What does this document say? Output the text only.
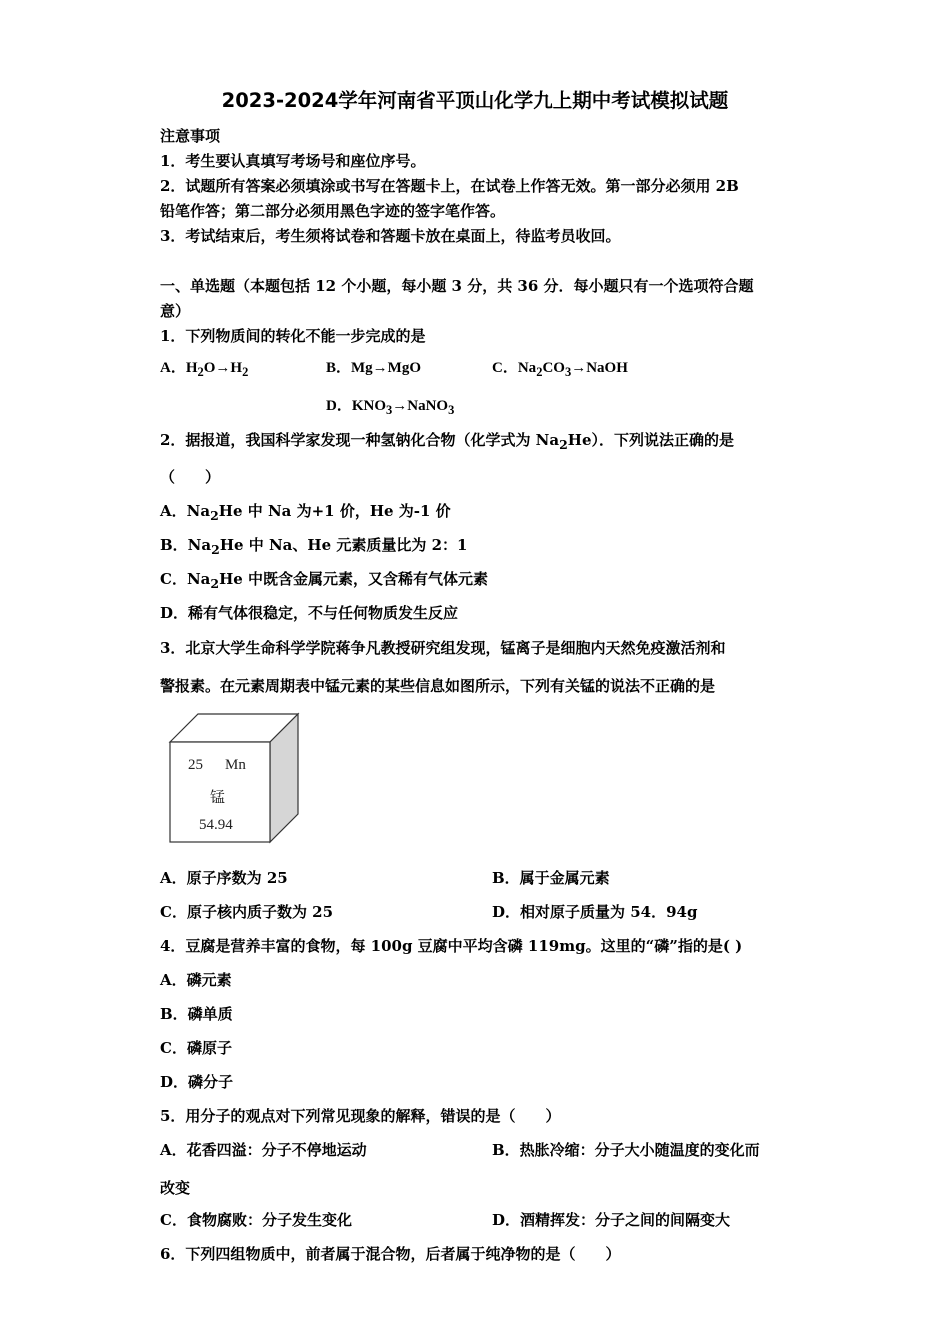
2023-2024学年河南省平顶山化学九上期中考试模拟试题
注意事项
1．考生要认真填写考场号和座位序号。
2．试题所有答案必须填涂或书写在答题卡上，在试卷上作答无效。第一部分必须用 2B
铅笔作答；第二部分必须用黑色字迹的签字笔作答。
3．考试结束后，考生须将试卷和答题卡放在桌面上，待监考员收回。
一、单选题（本题包括 12 个小题，每小题 3 分，共 36 分．每小题只有一个选项符合题
意）
1．下列物质间的转化不能一步完成的是
A．$H_2O\to H_2$	B．Mg→MgO	C．$Na_2CO_3\to NaOH$
D．$KNO_3\to NaNO_3$
2．据报道，我国科学家发现一种氢钠化合物（化学式为 $Na_2He$）．下列说法正确的是
（　　）
A．$Na_2He$ 中 Na 为+1 价，He 为-1 价
B．$Na_2He$ 中 Na、He 元素质量比为 2：1
C．$Na_2He$ 中既含金属元素，又含稀有气体元素
D．稀有气体很稳定，不与任何物质发生反应
3．北京大学生命科学学院蒋争凡教授研究组发现，锰离子是细胞内天然免疫激活剂和
警报素。在元素周期表中锰元素的某些信息如图所示，下列有关锰的说法不正确的是
25 Mn
锰
54.94
A．原子序数为 25	B．属于金属元素
C．原子核内质子数为 25	D．相对原子质量为 54．94g
4．豆腐是营养丰富的食物，每 100g 豆腐中平均含磷 119mg。这里的“磷”指的是( )
A．磷元素
B．磷单质
C．磷原子
D．磷分子
5．用分子的观点对下列常见现象的解释，错误的是（　　）
A．花香四溢：分子不停地运动	B．热胀冷缩：分子大小随温度的变化而
改变
C．食物腐败：分子发生变化	D．酒精挥发：分子之间的间隔变大
6．下列四组物质中，前者属于混合物，后者属于纯净物的是（　　）
